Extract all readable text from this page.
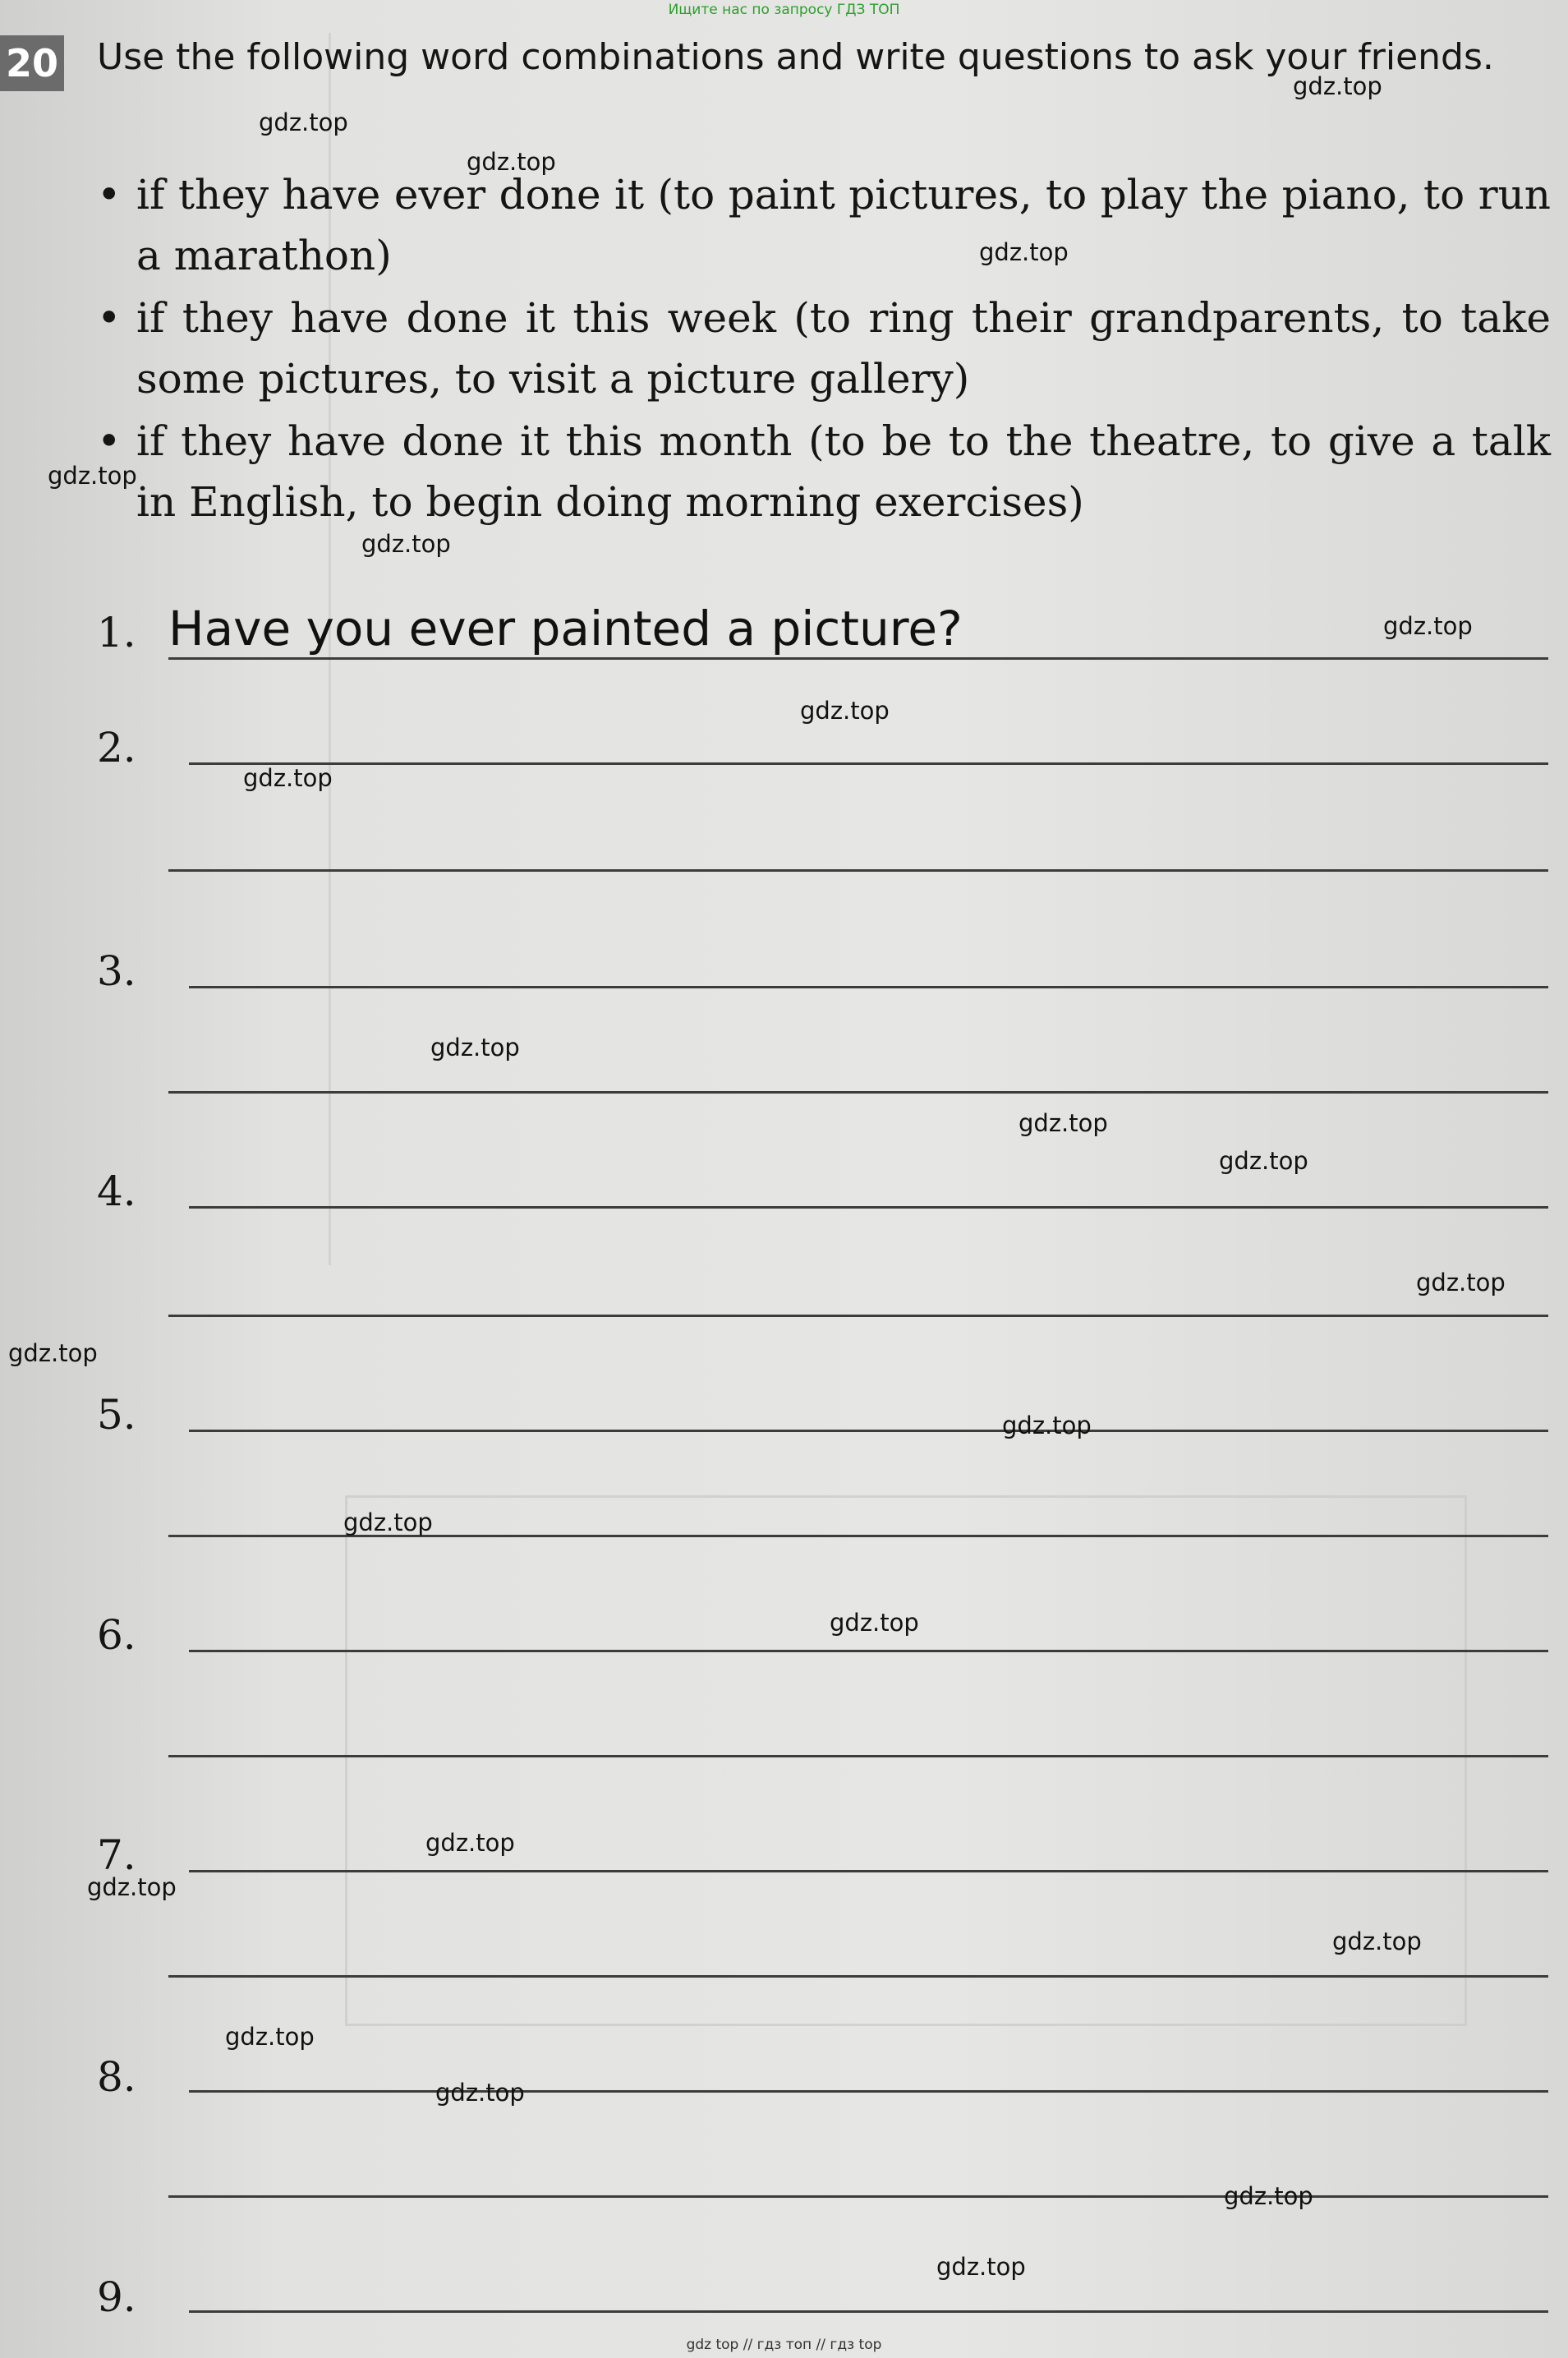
Ищите нас по запросу ГДЗ ТОП
20 Use the following word combinations and write questions to ask your friends.

• if they have ever done it (to paint pictures, to play the piano, to run a marathon)
• if they have done it this week (to ring their grandparents, to take some pictures, to visit a picture gallery)
• if they have done it this month (to be to the theatre, to give a talk in English, to begin doing morning exercises)
1. Have you ever painted a picture?
2.
3.
4.
5.
6.
7.
8.
9.
gdz.top
gdz.top
gdz.top
gdz.top
gdz.top
gdz.top
gdz.top
gdz.top
gdz.top
gdz.top
gdz.top
gdz.top
gdz.top
gdz.top
gdz.top
gdz.top
gdz.top
gdz.top
gdz.top
gdz.top
gdz.top
gdz.top
gdz.top
gdz.top
gdz top // гдз топ // гдз top
